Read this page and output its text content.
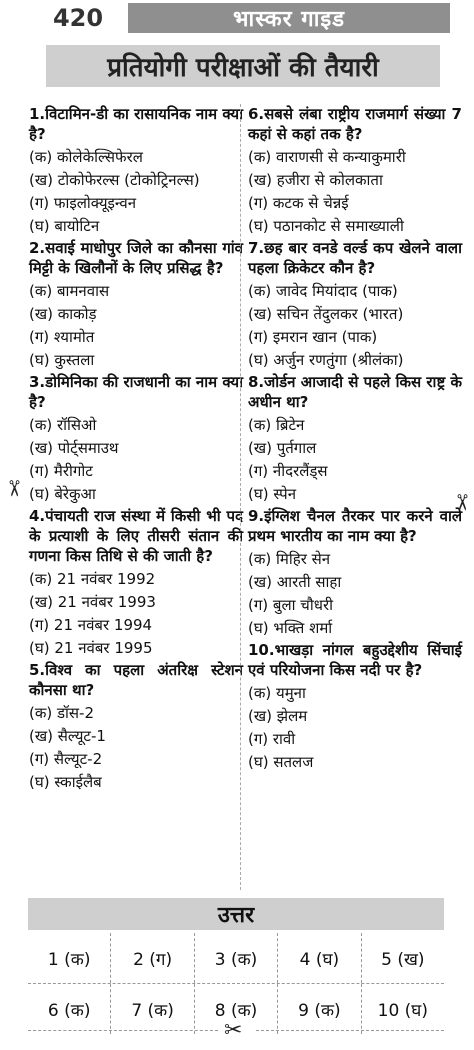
420	भास्कर गाइड
प्रतियोगी परीक्षाओं की तैयारी
1.विटामिन-डी का रासायनिक नाम क्या है?
(क) कोलेकेल्सिफेरल
(ख) टोकोफेरल्स (टोकोट्रिनल्स)
(ग) फाइलोक्यूइन्वन
(घ) बायोटिन
2.सवाई माधोपुर जिले का कौनसा गांव मिट्टी के खिलौनों के लिए प्रसिद्ध है?
(क) बामनवास
(ख) काकोड़
(ग) श्यामोत
(घ) कुस्तला
3.डोमिनिका की राजधानी का नाम क्या है?
(क) रॉसिओ
(ख) पोर्ट्समाउथ
(ग) मैरीगोट
(घ) बेरेकुआ
4.पंचायती राज संस्था में किसी भी पद के प्रत्याशी के लिए तीसरी संतान की गणना किस तिथि से की जाती है?
(क) 21 नवंबर 1992
(ख) 21 नवंबर 1993
(ग) 21 नवंबर 1994
(घ) 21 नवंबर 1995
5.विश्व का पहला अंतरिक्ष स्टेशन कौनसा था?
(क) डॉस-2
(ख) सैल्यूट-1
(ग) सैल्यूट-2
(घ) स्काईलैब
6.सबसे लंबा राष्ट्रीय राजमार्ग संख्या 7 कहां से कहां तक है?
(क) वाराणसी से कन्याकुमारी
(ख) हजीरा से कोलकाता
(ग) कटक से चेन्नई
(घ) पठानकोट से समाख्याली
7.छह बार वनडे वर्ल्ड कप खेलने वाला पहला क्रिकेटर कौन है?
(क) जावेद मियांदाद (पाक)
(ख) सचिन तेंदुलकर (भारत)
(ग) इमरान खान (पाक)
(घ) अर्जुन रणतुंगा (श्रीलंका)
8.जोर्डन आजादी से पहले किस राष्ट्र के अधीन था?
(क) ब्रिटेन
(ख) पुर्तगाल
(ग) नीदरलैंड्स
(घ) स्पेन
9.इंग्लिश चैनल तैरकर पार करने वाले प्रथम भारतीय का नाम क्या है?
(क) मिहिर सेन
(ख) आरती साहा
(ग) बुला चौधरी
(घ) भक्ति शर्मा
10.भाखड़ा नांगल बहुउद्देशीय सिंचाई एवं परियोजना किस नदी पर है?
(क) यमुना
(ख) झेलम
(ग) रावी
(घ) सतलज
✂
✂
उत्तर
1 (क)	2 (ग)	3 (क)	4 (घ)	5 (ख)
6 (क)	7 (क)	8 (क)	9 (क)	10 (घ)
✂
